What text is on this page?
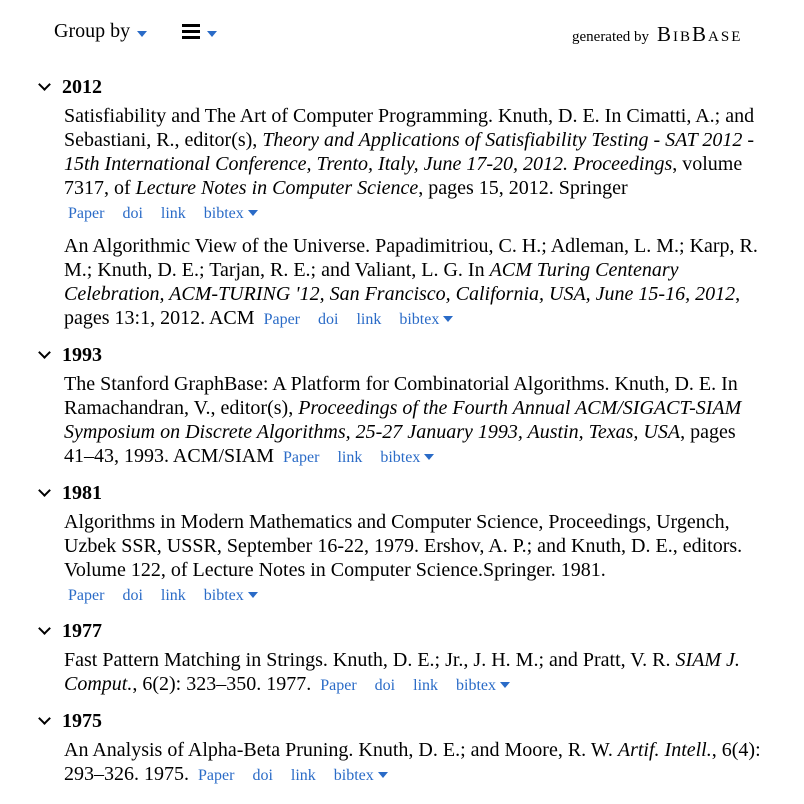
Group by	generated by BibBase
2012
Satisfiability and The Art of Computer Programming. Knuth, D. E. In Cimatti, A.; and Sebastiani, R., editor(s), Theory and Applications of Satisfiability Testing - SAT 2012 - 15th International Conference, Trento, Italy, June 17-20, 2012. Proceedings, volume 7317, of Lecture Notes in Computer Science, pages 15, 2012. Springer Paper doi link bibtex
An Algorithmic View of the Universe. Papadimitriou, C. H.; Adleman, L. M.; Karp, R. M.; Knuth, D. E.; Tarjan, R. E.; and Valiant, L. G. In ACM Turing Centenary Celebration, ACM-TURING '12, San Francisco, California, USA, June 15-16, 2012, pages 13:1, 2012. ACM Paper doi link bibtex
1993
The Stanford GraphBase: A Platform for Combinatorial Algorithms. Knuth, D. E. In Ramachandran, V., editor(s), Proceedings of the Fourth Annual ACM/SIGACT-SIAM Symposium on Discrete Algorithms, 25-27 January 1993, Austin, Texas, USA, pages 41–43, 1993. ACM/SIAM Paper link bibtex
1981
Algorithms in Modern Mathematics and Computer Science, Proceedings, Urgench, Uzbek SSR, USSR, September 16-22, 1979. Ershov, A. P.; and Knuth, D. E., editors. Volume 122, of Lecture Notes in Computer Science.Springer. 1981. Paper doi link bibtex
1977
Fast Pattern Matching in Strings. Knuth, D. E.; Jr., J. H. M.; and Pratt, V. R. SIAM J. Comput., 6(2): 323–350. 1977. Paper doi link bibtex
1975
An Analysis of Alpha-Beta Pruning. Knuth, D. E.; and Moore, R. W. Artif. Intell., 6(4): 293–326. 1975. Paper doi link bibtex
